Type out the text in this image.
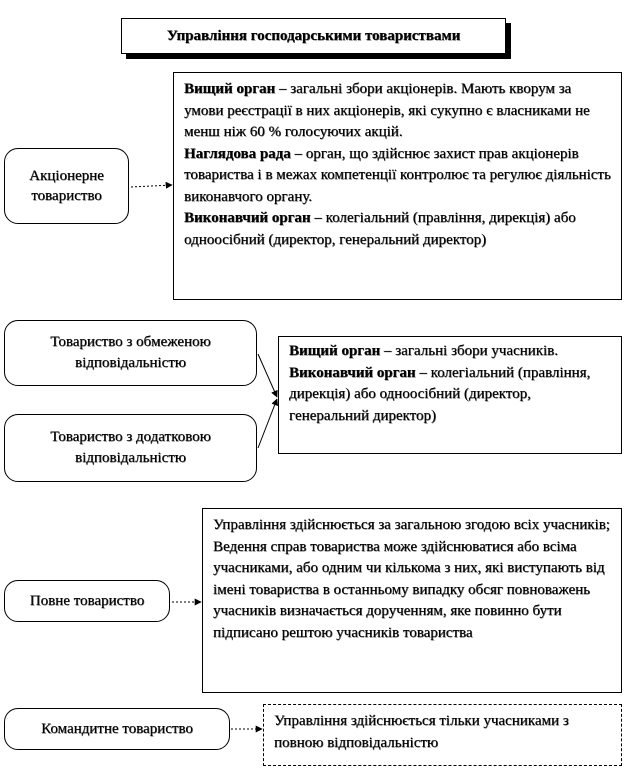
Управління господарськими товариствами
Акціонерне товариство

Вищий орган – загальні збори акціонерів. Мають кворум за умови реєстрації в них акціонерів, які сукупно є власниками не менш ніж 60 % голосуючих акцій.

Наглядова рада – орган, що здійснює захист прав акціонерів товариства і в межах компетенції контролює та регулює діяльність виконавчого органу.

Виконавчий орган – колегіальний (правління, дирекція) або одноосібний (директор, генеральний директор)

Товариство з обмеженою відповідальністю
Товариство з додатковою відповідальністю

Вищий орган – загальні збори учасників.

Виконавчий орган – колегіальний (правління, дирекція) або одноосібний (директор, генеральний директор)

Повне товариство

Управління здійснюється за загальною згодою всіх учасників; Ведення справ товариства може здійснюватися або всіма учасниками, або одним чи кількома з них, які виступають від імені товариства в останньому випадку обсяг повноважень учасників визначається дорученням, яке повинно бути підписано рештою учасників товариства

Командитне товариство	Управління здійснюється тільки учасниками з повною відповідальністю
